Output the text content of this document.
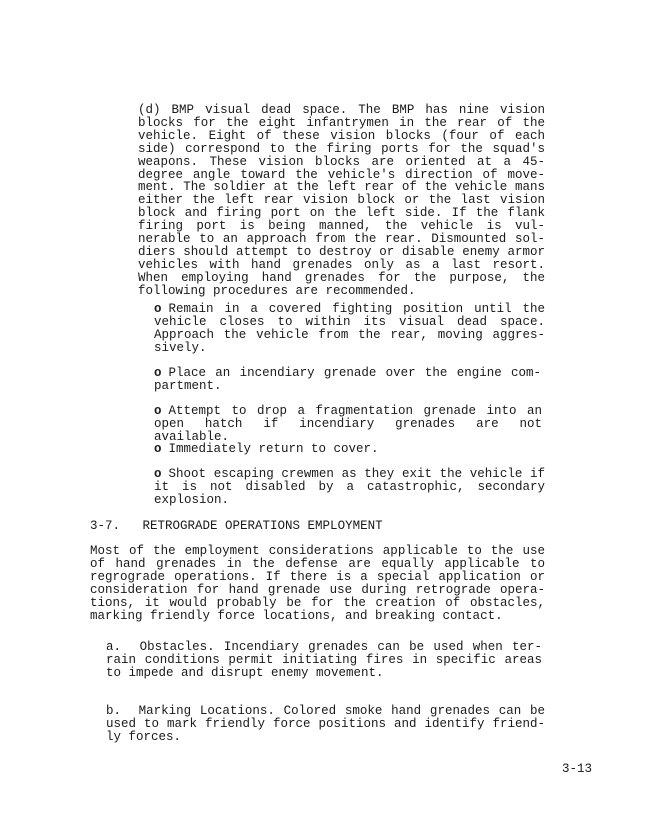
(d) BMP visual dead space. The BMP has nine vision blocks for the eight infantrymen in the rear of the vehicle. Eight of these vision blocks (four of each side) correspond to the firing ports for the squad's weapons. These vision blocks are oriented at a 45-degree angle toward the vehicle's direction of move-ment. The soldier at the left rear of the vehicle mans either the left rear vision block or the last vision block and firing port on the left side. If the flank firing port is being manned, the vehicle is vul-nerable to an approach from the rear. Dismounted sol-diers should attempt to destroy or disable enemy armor vehicles with hand grenades only as a last resort. When employing hand grenades for the purpose, the following procedures are recommended.

o Remain in a covered fighting position until the vehicle closes to within its visual dead space. Approach the vehicle from the rear, moving aggres-sively.

o Place an incendiary grenade over the engine com-partment.

o Attempt to drop a fragmentation grenade into an open hatch if incendiary grenades are not available.

o Immediately return to cover.

o Shoot escaping crewmen as they exit the vehicle if it is not disabled by a catastrophic, secondary explosion.

3-7. RETROGRADE OPERATIONS EMPLOYMENT

Most of the employment considerations applicable to the use of hand grenades in the defense are equally applicable to regrograde operations. If there is a special application or consideration for hand grenade use during retrograde opera-tions, it would probably be for the creation of obstacles, marking friendly force locations, and breaking contact.

a. Obstacles. Incendiary grenades can be used when ter-rain conditions permit initiating fires in specific areas to impede and disrupt enemy movement.

b. Marking Locations. Colored smoke hand grenades can be used to mark friendly force positions and identify friend-ly forces.

3-13
